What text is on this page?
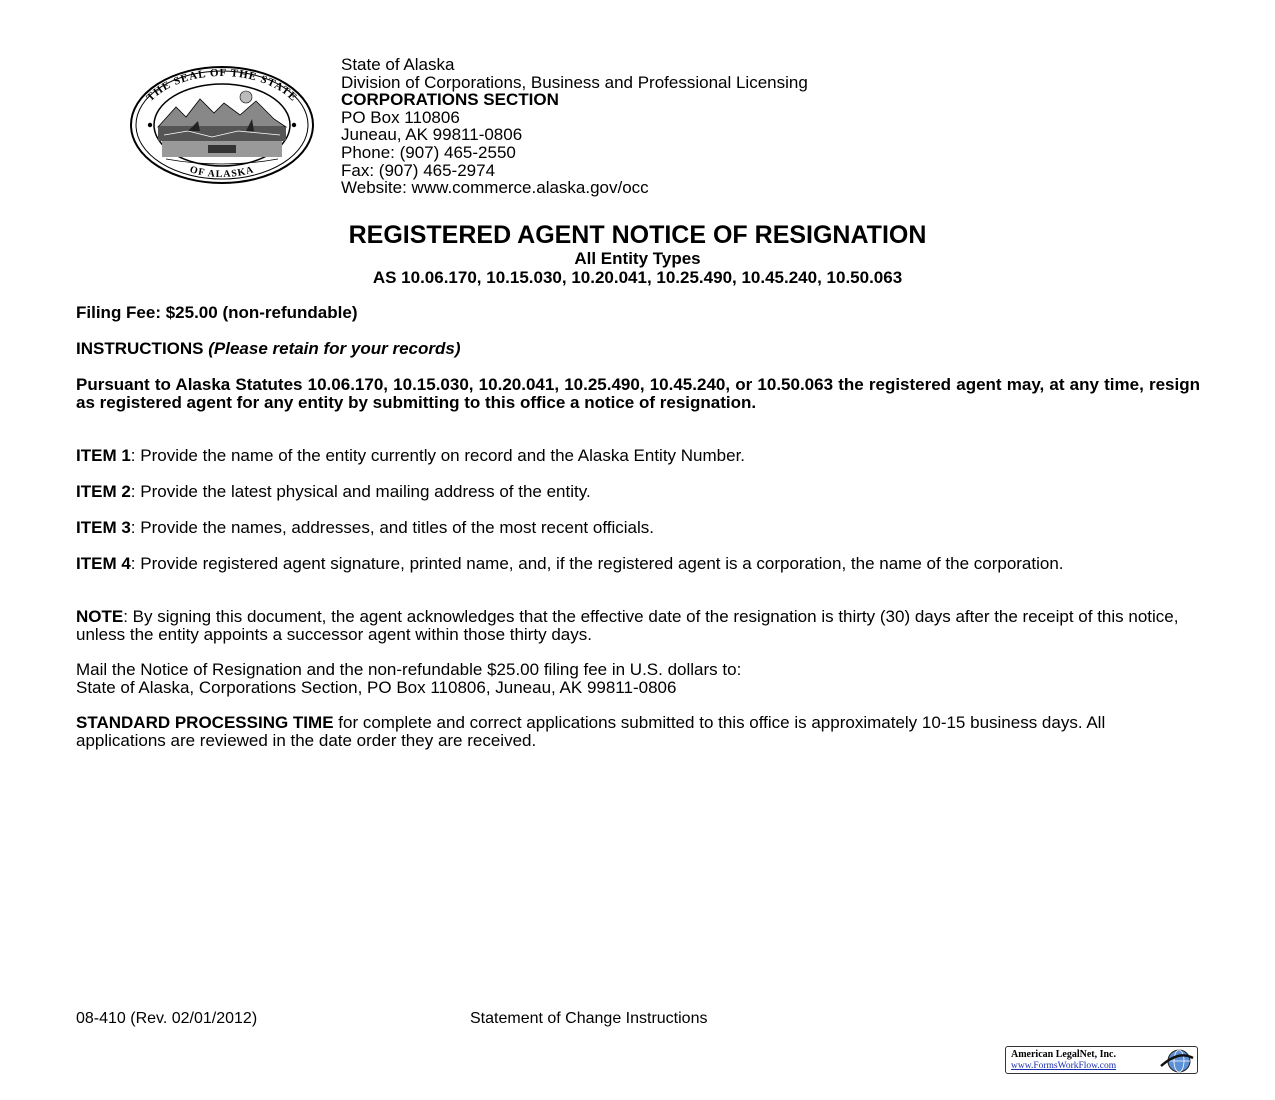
THE SEAL OF THE STATE
OF ALASKA
State of Alaska
Division of Corporations, Business and Professional Licensing
CORPORATIONS SECTION
PO Box 110806
Juneau, AK 99811-0806
Phone: (907) 465-2550
Fax: (907) 465-2974
Website: www.commerce.alaska.gov/occ
REGISTERED AGENT NOTICE OF RESIGNATION
All Entity Types
AS 10.06.170, 10.15.030, 10.20.041, 10.25.490, 10.45.240, 10.50.063
Filing Fee: $25.00 (non-refundable)
INSTRUCTIONS (Please retain for your records)
Pursuant to Alaska Statutes 10.06.170, 10.15.030, 10.20.041, 10.25.490, 10.45.240, or 10.50.063 the registered agent may, at any time, resign as registered agent for any entity by submitting to this office a notice of resignation.
ITEM 1: Provide the name of the entity currently on record and the Alaska Entity Number.
ITEM 2: Provide the latest physical and mailing address of the entity.
ITEM 3: Provide the names, addresses, and titles of the most recent officials.
ITEM 4: Provide registered agent signature, printed name, and, if the registered agent is a corporation, the name of the corporation.
NOTE: By signing this document, the agent acknowledges that the effective date of the resignation is thirty (30) days after the receipt of this notice, unless the entity appoints a successor agent within those thirty days.
Mail the Notice of Resignation and the non-refundable $25.00 filing fee in U.S. dollars to:
State of Alaska, Corporations Section, PO Box 110806, Juneau, AK 99811-0806
STANDARD PROCESSING TIME for complete and correct applications submitted to this office is approximately 10-15 business days. All applications are reviewed in the date order they are received.
08-410 (Rev. 02/01/2012)	Statement of Change Instructions
American LegalNet, Inc.
www.FormsWorkFlow.com
